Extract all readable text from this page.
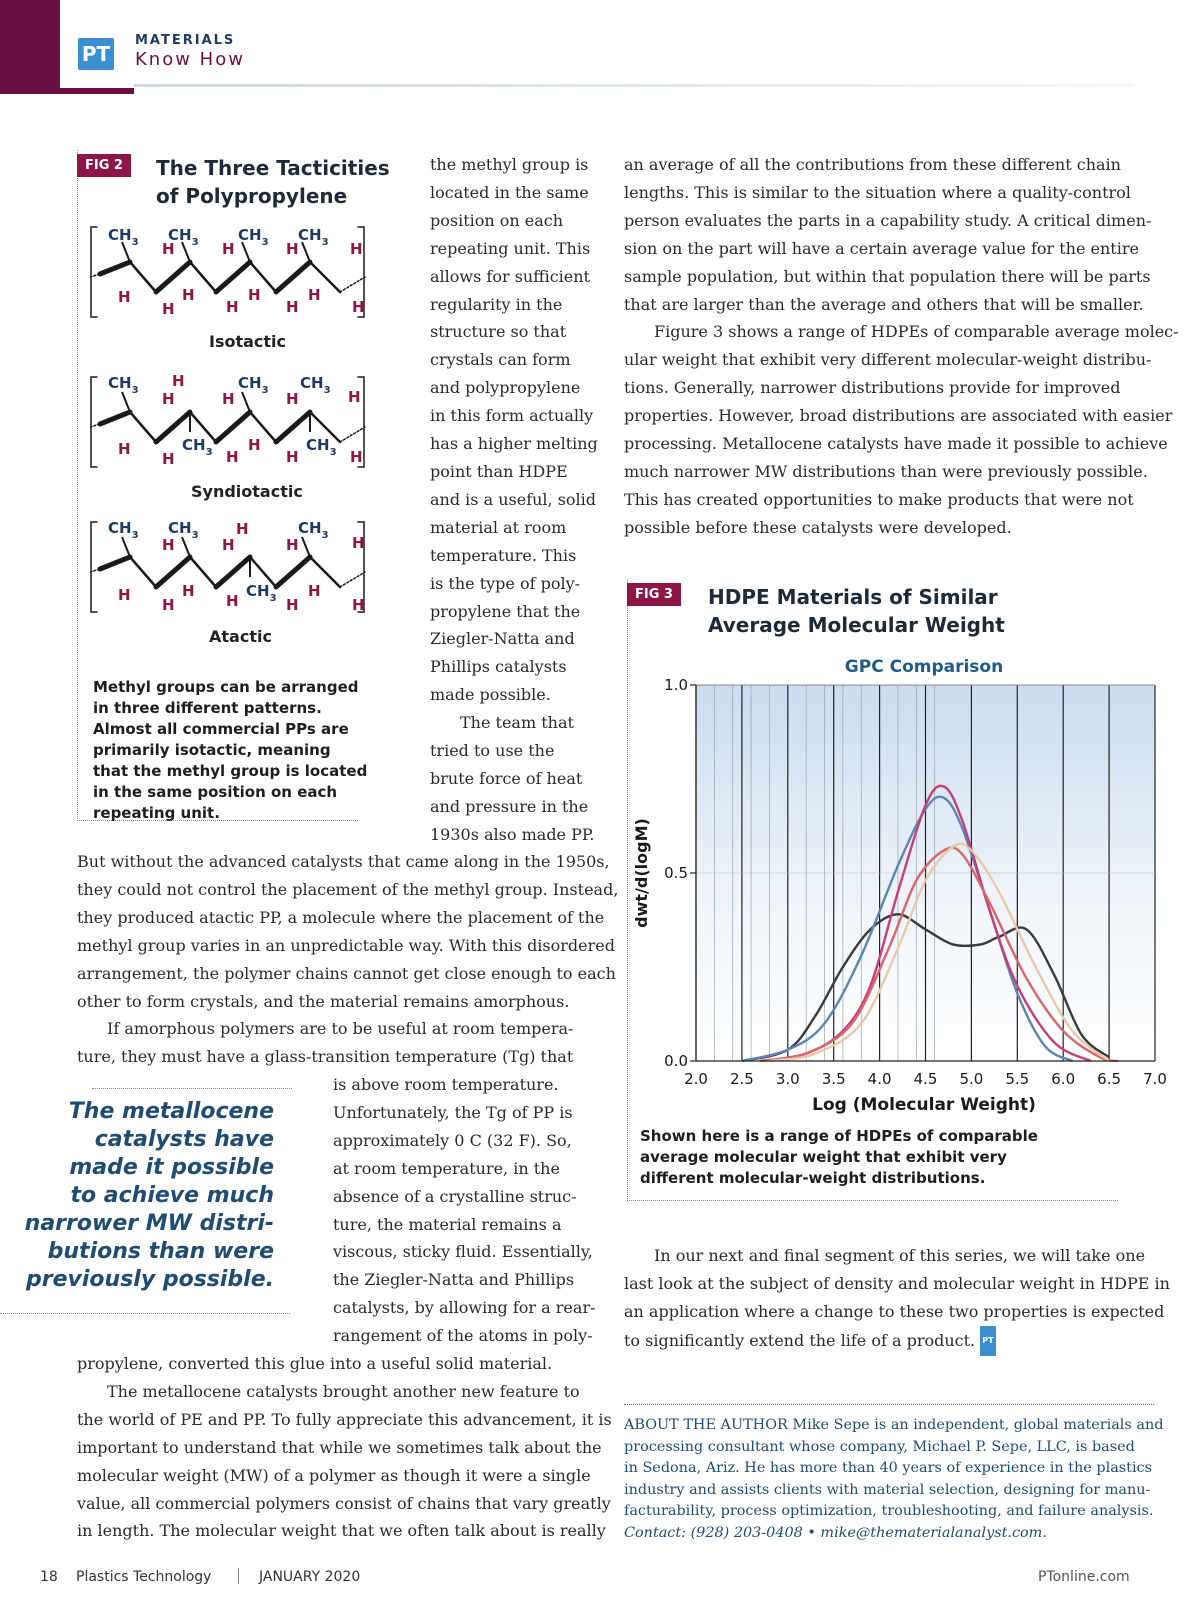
PT
MATERIALS
Know How
FIG 2	The Three Tacticities
of Polypropylene
$CH_3$ $CH_3$	$CH_3$ $CH_3$
H	H	H	H
H
H
H
H
H
H
H
H
$CH_3$	$CH_3$ $CH_3$
$CH_3$	$CH_3$
H
H	H	H	H
H
H
H
H	H	H
$CH_3$ $CH_3$	$CH_3$
$CH_3$
H
H	H	H	H
H
H
H
H	H
H
H
Isotactic
Syndiotactic
Atactic
Methyl groups can be arranged in three different patterns. Almost all commercial PPs are primarily isotactic, meaning that the methyl group is located in the same position on each repeating unit.
the methyl group is
located in the same
position on each
repeating unit. This
allows for sufficient
regularity in the
structure so that
crystals can form
and polypropylene
in this form actually
has a higher melting
point than HDPE
and is a useful, solid
material at room
temperature. This
is the type of poly-
propylene that the
Ziegler-Natta and
Phillips catalysts
made possible.
The team that
tried to use the
brute force of heat
and pressure in the
1930s also made PP.
But without the advanced catalysts that came along in the 1950s,
they could not control the placement of the methyl group. Instead,
they produced atactic PP, a molecule where the placement of the
methyl group varies in an unpredictable way. With this disordered
arrangement, the polymer chains cannot get close enough to each
other to form crystals, and the material remains amorphous.
If amorphous polymers are to be useful at room tempera-
ture, they must have a glass-transition temperature (Tg) that
The metallocene
catalysts have
made it possible
to achieve much
narrower MW distri-
butions than were
previously possible.
is above room temperature.
Unfortunately, the Tg of PP is
approximately 0 C (32 F). So,
at room temperature, in the
absence of a crystalline struc-
ture, the material remains a
viscous, sticky fluid. Essentially,
the Ziegler-Natta and Phillips
catalysts, by allowing for a rear-
rangement of the atoms in poly-
propylene, converted this glue into a useful solid material.
The metallocene catalysts brought another new feature to
the world of PE and PP. To fully appreciate this advancement, it is
important to understand that while we sometimes talk about the
molecular weight (MW) of a polymer as though it were a single
value, all commercial polymers consist of chains that vary greatly
in length. The molecular weight that we often talk about is really
an average of all the contributions from these different chain
lengths. This is similar to the situation where a quality-control
person evaluates the parts in a capability study. A critical dimen-
sion on the part will have a certain average value for the entire
sample population, but within that population there will be parts
that are larger than the average and others that will be smaller.
Figure 3 shows a range of HDPEs of comparable average molec-
ular weight that exhibit very different molecular-weight distribu-
tions. Generally, narrower distributions provide for improved
properties. However, broad distributions are associated with easier
processing. Metallocene catalysts have made it possible to achieve
much narrower MW distributions than were previously possible.
This has created opportunities to make products that were not
possible before these catalysts were developed.
FIG 3	HDPE Materials of Similar
Average Molecular Weight
GPC Comparison
2.0 2.5 3.0 3.5 4.0 4.5 5.0 5.5 6.0 6.5 7.0
0.0
0.5
1.0
Log (Molecular Weight)
dwt/d(logM)
Shown here is a range of HDPEs of comparable average molecular weight that exhibit very different molecular-weight distributions.
In our next and final segment of this series, we will take one
last look at the subject of density and molecular weight in HDPE in
an application where a change to these two properties is expected
to significantly extend the life of a product. PT
ABOUT THE AUTHOR Mike Sepe is an independent, global materials and
processing consultant whose company, Michael P. Sepe, LLC, is based
in Sedona, Ariz. He has more than 40 years of experience in the plastics
industry and assists clients with material selection, designing for manu-
facturability, process optimization, troubleshooting, and failure analysis.
Contact: (928) 203-0408 • mike@thematerialanalyst.com.
18 Plastics Technology	JANUARY 2020	PTonline.com
